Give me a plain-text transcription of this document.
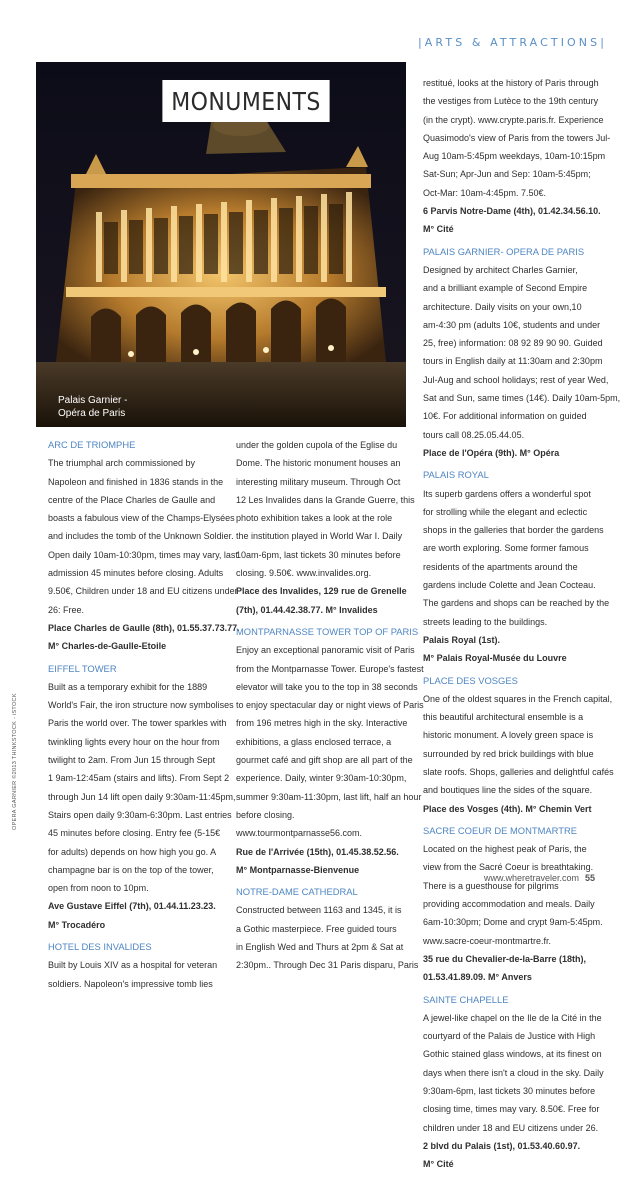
|ARTS & ATTRACTIONS|
MONUMENTS
Palais Garnier -
Opéra de Paris
OPERA GARNIER ©2013 THINKSTOCK - iSTOCK
ARC DE TRIOMPHE
The triumphal arch commissioned by
Napoleon and finished in 1836 stands in the
centre of the Place Charles de Gaulle and
boasts a fabulous view of the Champs-Elysées
and includes the tomb of the Unknown Soldier.
Open daily 10am-10:30pm, times may vary, last
admission 45 minutes before closing. Adults
9.50€, Children under 18 and EU citizens under
26: Free.
Place Charles de Gaulle (8th), 01.55.37.73.77.
M° Charles-de-Gaulle-Etoile
EIFFEL TOWER
Built as a temporary exhibit for the 1889
World's Fair, the iron structure now symbolises
Paris the world over. The tower sparkles with
twinkling lights every hour on the hour from
twilight to 2am. From Jun 15 through Sept
1 9am-12:45am (stairs and lifts). From Sept 2
through Jun 14 lift open daily 9:30am-11:45pm,
Stairs open daily 9:30am-6:30pm. Last entries
45 minutes before closing. Entry fee (5-15€
for adults) depends on how high you go. A
champagne bar is on the top of the tower,
open from noon to 10pm.
Ave Gustave Eiffel (7th), 01.44.11.23.23.
M° Trocadéro
HOTEL DES INVALIDES
Built by Louis XIV as a hospital for veteran
soldiers. Napoleon's impressive tomb lies
under the golden cupola of the Eglise du
Dome. The historic monument houses an
interesting military museum. Through Oct
12 Les Invalides dans la Grande Guerre, this
photo exhibition takes a look at the role
the institution played in World War I. Daily
10am-6pm, last tickets 30 minutes before
closing. 9.50€. www.invalides.org.
Place des Invalides, 129 rue de Grenelle
(7th), 01.44.42.38.77. M° Invalides
MONTPARNASSE TOWER TOP OF PARIS
Enjoy an exceptional panoramic visit of Paris
from the Montparnasse Tower. Europe's fastest
elevator will take you to the top in 38 seconds
to enjoy spectacular day or night views of Paris
from 196 metres high in the sky. Interactive
exhibitions, a glass enclosed terrace, a
gourmet café and gift shop are all part of the
experience. Daily, winter 9:30am-10:30pm,
summer 9:30am-11:30pm, last lift, half an hour
before closing.
www.tourmontparnasse56.com.
Rue de l'Arrivée (15th), 01.45.38.52.56.
M° Montparnasse-Bienvenue
NOTRE-DAME CATHEDRAL
Constructed between 1163 and 1345, it is
a Gothic masterpiece. Free guided tours
in English Wed and Thurs at 2pm & Sat at
2:30pm.. Through Dec 31 Paris disparu, Paris
restitué, looks at the history of Paris through
the vestiges from Lutèce to the 19th century
(in the crypt). www.crypte.paris.fr. Experience
Quasimodo's view of Paris from the towers Jul-
Aug 10am-5:45pm weekdays, 10am-10:15pm
Sat-Sun; Apr-Jun and Sep: 10am-5:45pm;
Oct-Mar: 10am-4:45pm. 7.50€.
6 Parvis Notre-Dame (4th), 01.42.34.56.10.
M° Cité
PALAIS GARNIER- OPERA DE PARIS
Designed by architect Charles Garnier,
and a brilliant example of Second Empire
architecture. Daily visits on your own,10
am-4:30 pm (adults 10€, students and under
25, free) information: 08 92 89 90 90. Guided
tours in English daily at 11:30am and 2:30pm
Jul-Aug and school holidays; rest of year Wed,
Sat and Sun, same times (14€). Daily 10am-5pm,
10€. For additional information on guided
tours call 08.25.05.44.05.
Place de l'Opéra (9th). M° Opéra
PALAIS ROYAL
Its superb gardens offers a wonderful spot
for strolling while the elegant and eclectic
shops in the galleries that border the gardens
are worth exploring. Some former famous
residents of the apartments around the
gardens include Colette and Jean Cocteau.
The gardens and shops can be reached by the
streets leading to the buildings.
Palais Royal (1st).
M° Palais Royal-Musée du Louvre
PLACE DES VOSGES
One of the oldest squares in the French capital,
this beautiful architectural ensemble is a
historic monument. A lovely green space is
surrounded by red brick buildings with blue
slate roofs. Shops, galleries and delightful cafés
and boutiques line the sides of the square.
Place des Vosges (4th). M° Chemin Vert
SACRE COEUR DE MONTMARTRE
Located on the highest peak of Paris, the
view from the Sacré Coeur is breathtaking.
There is a guesthouse for pilgrims
providing accommodation and meals. Daily
6am-10:30pm; Dome and crypt 9am-5:45pm.
www.sacre-coeur-montmartre.fr.
35 rue du Chevalier-de-la-Barre (18th),
01.53.41.89.09. M° Anvers
SAINTE CHAPELLE
A jewel-like chapel on the Ile de la Cité in the
courtyard of the Palais de Justice with High
Gothic stained glass windows, at its finest on
days when there isn't a cloud in the sky. Daily
9:30am-6pm, last tickets 30 minutes before
closing time, times may vary. 8.50€. Free for
children under 18 and EU citizens under 26.
2 blvd du Palais (1st), 01.53.40.60.97.
M° Cité
www.wheretraveler.com 55
